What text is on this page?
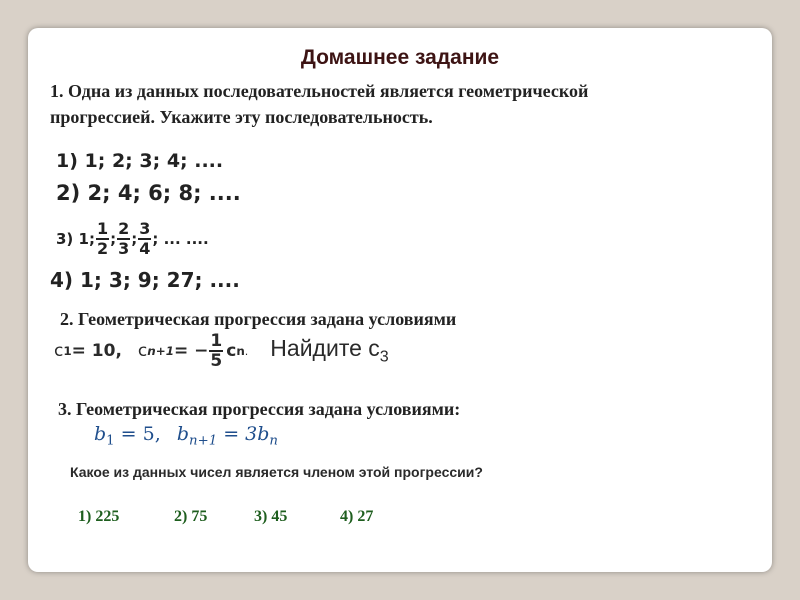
Домашнее задание
1. Одна из данных последовательностей является геометрической
прогрессией. Укажите эту последовательность.
1) 1; 2; 3; 4; ....
2) 2; 4; 6; 8; ....
3) 1; $\frac{1}{2}$ ; $\frac{2}{3}$ ; $\frac{3}{4}$ ; ... ....
4) 1; 3; 9; 27; ....
2. Геометрическая прогрессия задана условиями
c 1 = 10, c n+1 = − $\frac{1}{5}$ c n . Найдите $c_3$
3. Геометрическая прогрессия задана условиями:
$b_1 = 5$, $b_{n+1} = 3b_n$
Какое из данных чисел является членом этой прогрессии?
1) 225	2) 75	3) 45	4) 27
